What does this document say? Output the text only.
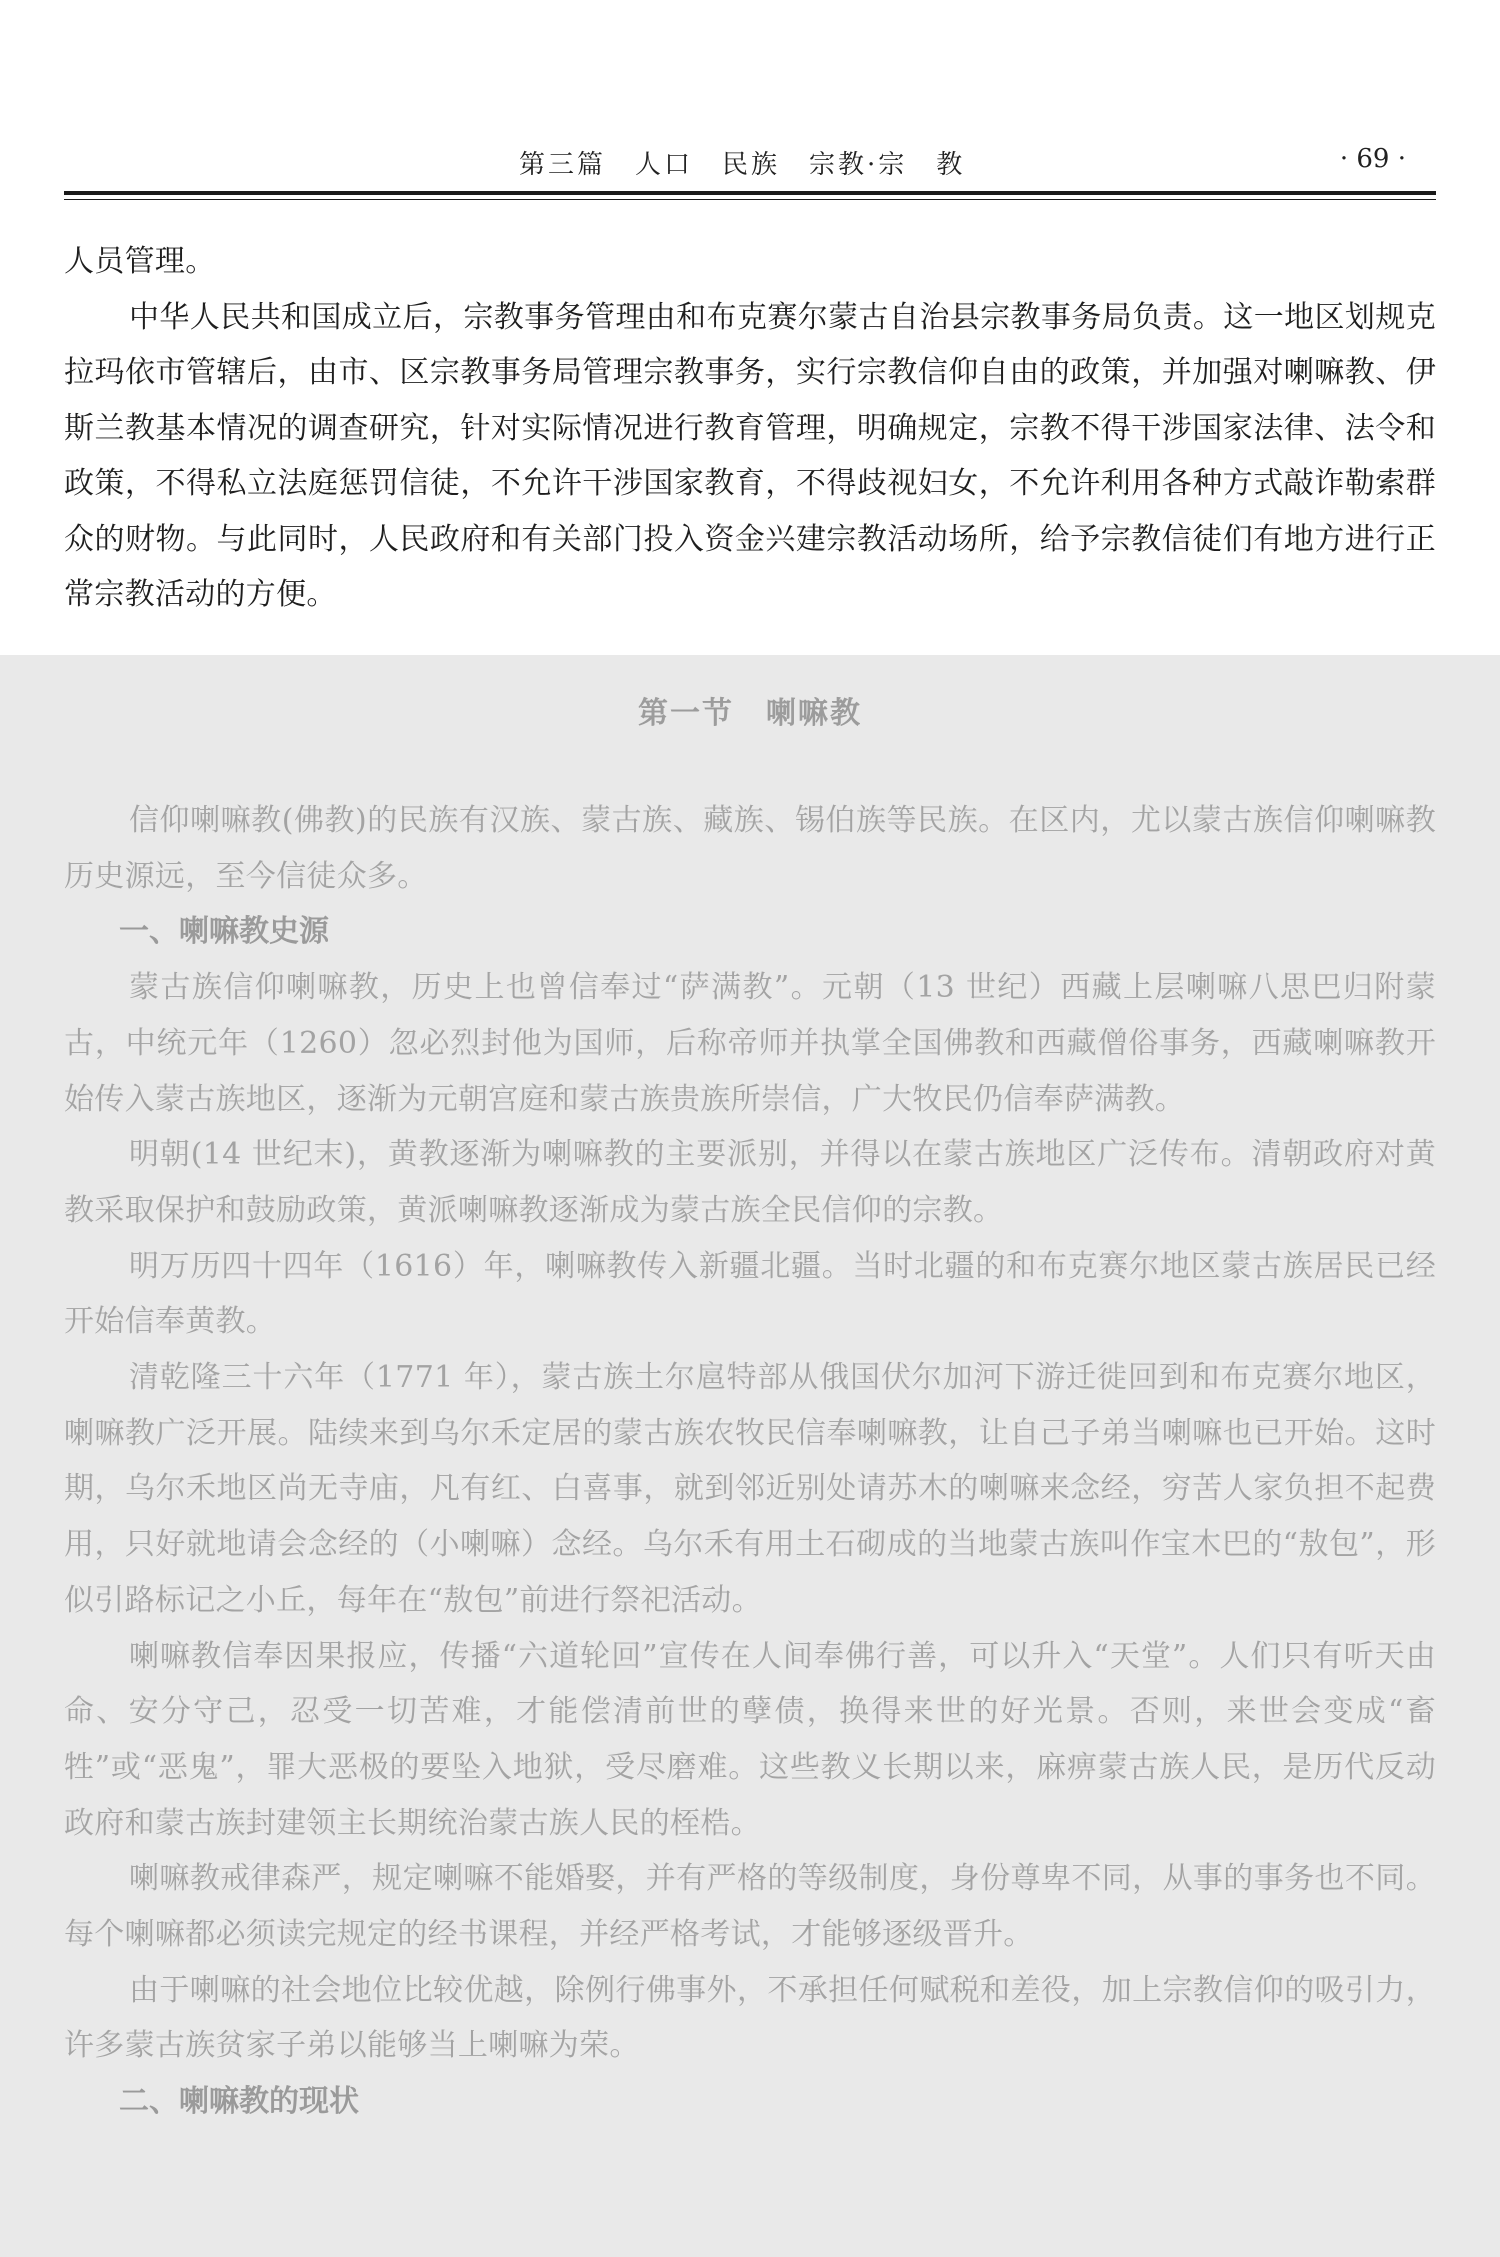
第三篇　人口　民族　宗教·宗　教	· 69 ·

人员管理。

中华人民共和国成立后，宗教事务管理由和布克赛尔蒙古自治县宗教事务局负责。这一地区划规克拉玛依市管辖后，由市、区宗教事务局管理宗教事务，实行宗教信仰自由的政策，并加强对喇嘛教、伊斯兰教基本情况的调查研究，针对实际情况进行教育管理，明确规定，宗教不得干涉国家法律、法令和政策，不得私立法庭惩罚信徒，不允许干涉国家教育，不得歧视妇女，不允许利用各种方式敲诈勒索群众的财物。与此同时，人民政府和有关部门投入资金兴建宗教活动场所，给予宗教信徒们有地方进行正常宗教活动的方便。

第一节　喇嘛教

信仰喇嘛教(佛教)的民族有汉族、蒙古族、藏族、锡伯族等民族。在区内，尤以蒙古族信仰喇嘛教历史源远，至今信徒众多。

一、喇嘛教史源

蒙古族信仰喇嘛教，历史上也曾信奉过“萨满教”。元朝（13 世纪）西藏上层喇嘛八思巴归附蒙古，中统元年（1260）忽必烈封他为国师，后称帝师并执掌全国佛教和西藏僧俗事务，西藏喇嘛教开始传入蒙古族地区，逐渐为元朝宫庭和蒙古族贵族所崇信，广大牧民仍信奉萨满教。

明朝(14 世纪末)，黄教逐渐为喇嘛教的主要派别，并得以在蒙古族地区广泛传布。清朝政府对黄教采取保护和鼓励政策，黄派喇嘛教逐渐成为蒙古族全民信仰的宗教。

明万历四十四年（1616）年，喇嘛教传入新疆北疆。当时北疆的和布克赛尔地区蒙古族居民已经开始信奉黄教。

清乾隆三十六年（1771 年），蒙古族土尔扈特部从俄国伏尔加河下游迁徙回到和布克赛尔地区，喇嘛教广泛开展。陆续来到乌尔禾定居的蒙古族农牧民信奉喇嘛教，让自己子弟当喇嘛也已开始。这时期，乌尔禾地区尚无寺庙，凡有红、白喜事，就到邻近别处请苏木的喇嘛来念经，穷苦人家负担不起费用，只好就地请会念经的（小喇嘛）念经。乌尔禾有用土石砌成的当地蒙古族叫作宝木巴的“敖包”，形似引路标记之小丘，每年在“敖包”前进行祭祀活动。

喇嘛教信奉因果报应，传播“六道轮回”宣传在人间奉佛行善，可以升入“天堂”。人们只有听天由命、安分守己，忍受一切苦难，才能偿清前世的孽债，换得来世的好光景。否则，来世会变成“畜牲”或“恶鬼”，罪大恶极的要坠入地狱，受尽磨难。这些教义长期以来，麻痹蒙古族人民，是历代反动政府和蒙古族封建领主长期统治蒙古族人民的桎梏。

喇嘛教戒律森严，规定喇嘛不能婚娶，并有严格的等级制度，身份尊卑不同，从事的事务也不同。每个喇嘛都必须读完规定的经书课程，并经严格考试，才能够逐级晋升。

由于喇嘛的社会地位比较优越，除例行佛事外，不承担任何赋税和差役，加上宗教信仰的吸引力，许多蒙古族贫家子弟以能够当上喇嘛为荣。

二、喇嘛教的现状
